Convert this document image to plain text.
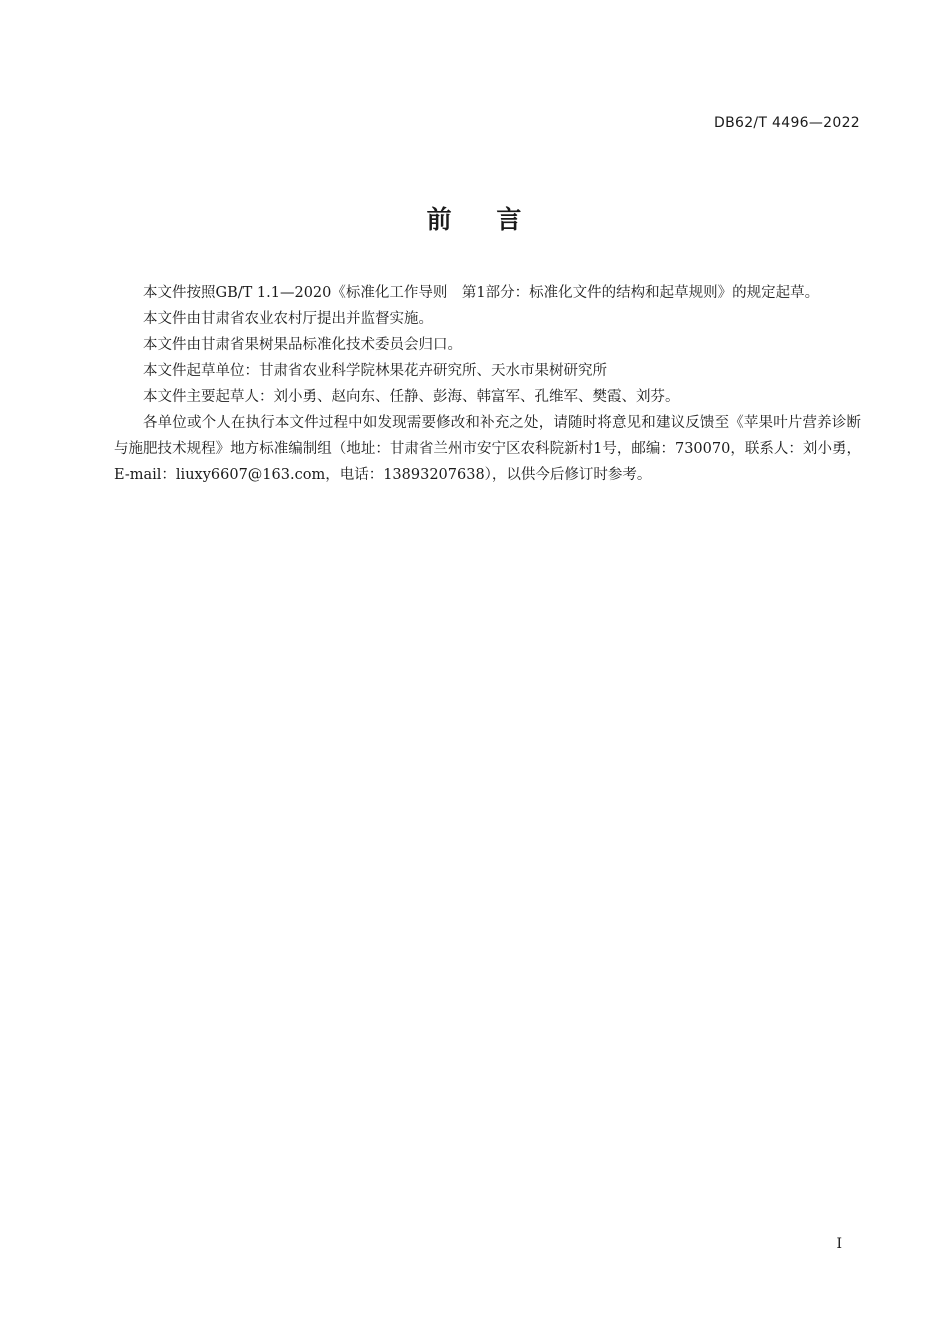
DB62/T 4496—2022
前    言

本文件按照GB/T 1.1—2020《标准化工作导则　第1部分：标准化文件的结构和起草规则》的规定起草。

本文件由甘肃省农业农村厅提出并监督实施。

本文件由甘肃省果树果品标准化技术委员会归口。

本文件起草单位：甘肃省农业科学院林果花卉研究所、天水市果树研究所

本文件主要起草人：刘小勇、赵向东、任静、彭海、韩富军、孔维军、樊霞、刘芬。

各单位或个人在执行本文件过程中如发现需要修改和补充之处，请随时将意见和建议反馈至《苹果叶片营养诊断与施肥技术规程》地方标准编制组（地址：甘肃省兰州市安宁区农科院新村1号，邮编：730070，联系人：刘小勇，E-mail：liuxy6607@163.com，电话：13893207638），以供今后修订时参考。

I
